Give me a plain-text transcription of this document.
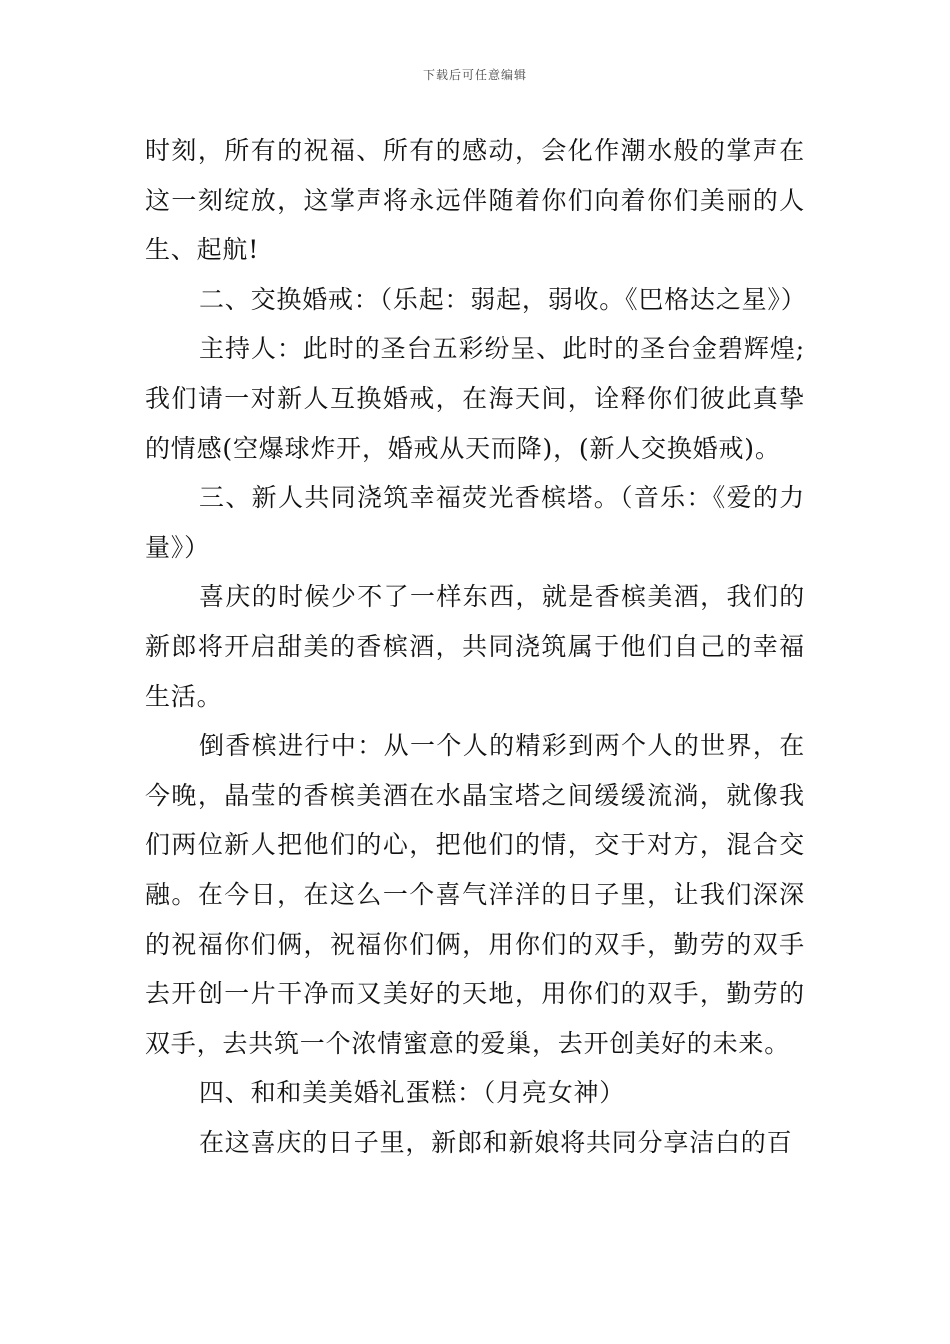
下载后可任意编辑

时刻，所有的祝福、所有的感动，会化作潮水般的掌声在这一刻绽放，这掌声将永远伴随着你们向着你们美丽的人生、起航!

二、交换婚戒：（乐起：弱起，弱收。《巴格达之星》）

主持人：此时的圣台五彩纷呈、此时的圣台金碧辉煌;我们请一对新人互换婚戒，在海天间，诠释你们彼此真挚的情感(空爆球炸开，婚戒从天而降)，(新人交换婚戒)。

三、新人共同浇筑幸福荧光香槟塔。（音乐：《爱的力量》）

喜庆的时候少不了一样东西，就是香槟美酒，我们的新郎将开启甜美的香槟酒，共同浇筑属于他们自己的幸福生活。

倒香槟进行中：从一个人的精彩到两个人的世界，在今晚，晶莹的香槟美酒在水晶宝塔之间缓缓流淌，就像我们两位新人把他们的心，把他们的情，交于对方，混合交融。在今日，在这么一个喜气洋洋的日子里，让我们深深的祝福你们俩，祝福你们俩，用你们的双手，勤劳的双手去开创一片干净而又美好的天地，用你们的双手，勤劳的双手，去共筑一个浓情蜜意的爱巢，去开创美好的未来。

四、和和美美婚礼蛋糕：（月亮女神）

在这喜庆的日子里，新郎和新娘将共同分享洁白的百
